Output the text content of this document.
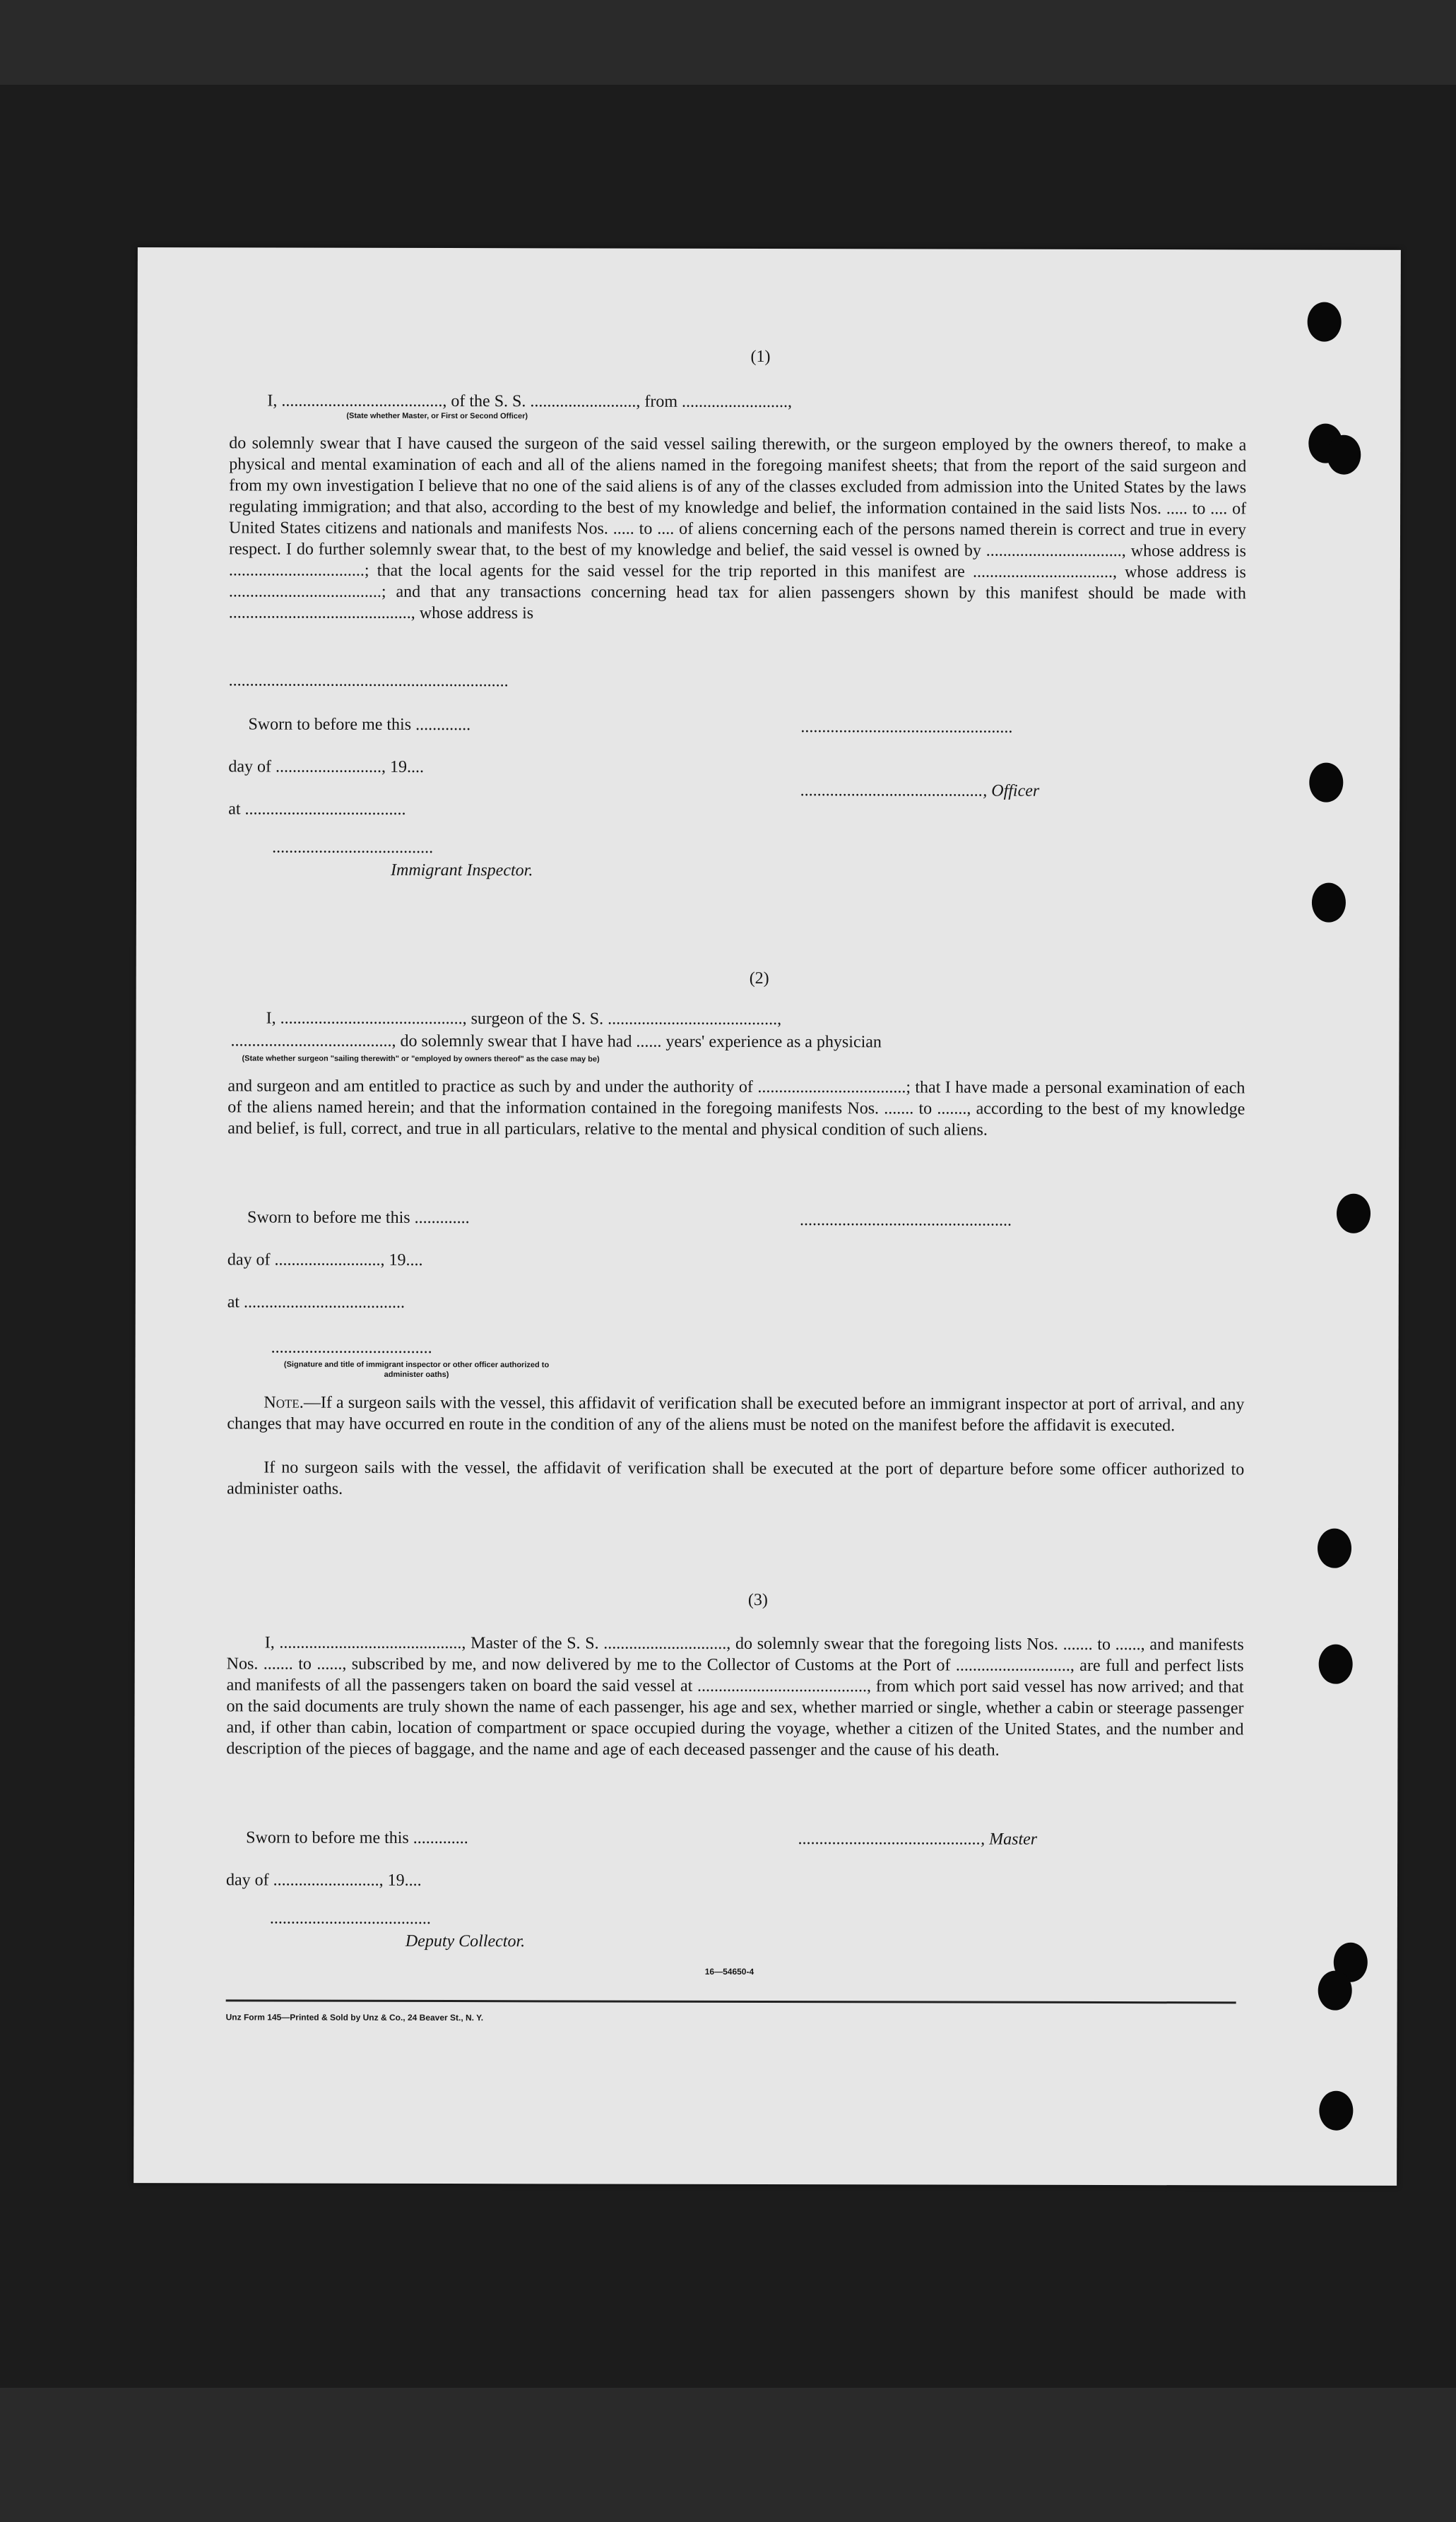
(1)
I, ......................................, of the S. S. ........................., from .........................,
(State whether Master, or First or Second Officer)
do solemnly swear that I have caused the surgeon of the said vessel sailing therewith, or the surgeon employed by the owners thereof, to make a physical and mental examination of each and all of the aliens named in the foregoing manifest sheets; that from the report of the said surgeon and from my own investigation I believe that no one of the said aliens is of any of the classes excluded from admission into the United States by the laws regulating immigration; and that also, according to the best of my knowledge and belief, the information contained in the said lists Nos. ..... to .... of United States citizens and nationals and manifests Nos. ..... to .... of aliens concerning each of the persons named therein is correct and true in every respect. I do further solemnly swear that, to the best of my knowledge and belief, the said vessel is owned by ................................, whose address is ................................; that the local agents for the said vessel for the trip reported in this manifest are ................................., whose address is ....................................; and that any transactions concerning head tax for alien passengers shown by this manifest should be made with ..........................................., whose address is
..................................................................
Sworn to before me this .............	..................................................
day of ........................., 19....
..........................................., Officer
at ......................................
......................................
Immigrant Inspector.
(2)
I, ..........................................., surgeon of the S. S. ........................................,
......................................, do solemnly swear that I have had ...... years' experience as a physician
(State whether surgeon "sailing therewith" or "employed by owners thereof" as the case may be)
and surgeon and am entitled to practice as such by and under the authority of ...................................; that I have made a personal examination of each of the aliens named herein; and that the information contained in the foregoing manifests Nos. ....... to ......., according to the best of my knowledge and belief, is full, correct, and true in all particulars, relative to the mental and physical condition of such aliens.
Sworn to before me this .............	..................................................
day of ........................., 19....
at ......................................
......................................
(Signature and title of immigrant inspector or other officer authorized to administer oaths)
Note.—If a surgeon sails with the vessel, this affidavit of verification shall be executed before an immigrant inspector at port of arrival, and any changes that may have occurred en route in the condition of any of the aliens must be noted on the manifest before the affidavit is executed.
If no surgeon sails with the vessel, the affidavit of verification shall be executed at the port of departure before some officer authorized to administer oaths.
(3)
I, ..........................................., Master of the S. S. ............................., do solemnly swear that the foregoing lists Nos. ....... to ......, and manifests Nos. ....... to ......, subscribed by me, and now delivered by me to the Collector of Customs at the Port of ..........................., are full and perfect lists and manifests of all the passengers taken on board the said vessel at ........................................, from which port said vessel has now arrived; and that on the said documents are truly shown the name of each passenger, his age and sex, whether married or single, whether a cabin or steerage passenger and, if other than cabin, location of compartment or space occupied during the voyage, whether a citizen of the United States, and the number and description of the pieces of baggage, and the name and age of each deceased passenger and the cause of his death.
Sworn to before me this .............	..........................................., Master
day of ........................., 19....
......................................
Deputy Collector.
16—54650-4
Unz Form 145—Printed & Sold by Unz & Co., 24 Beaver St., N. Y.
